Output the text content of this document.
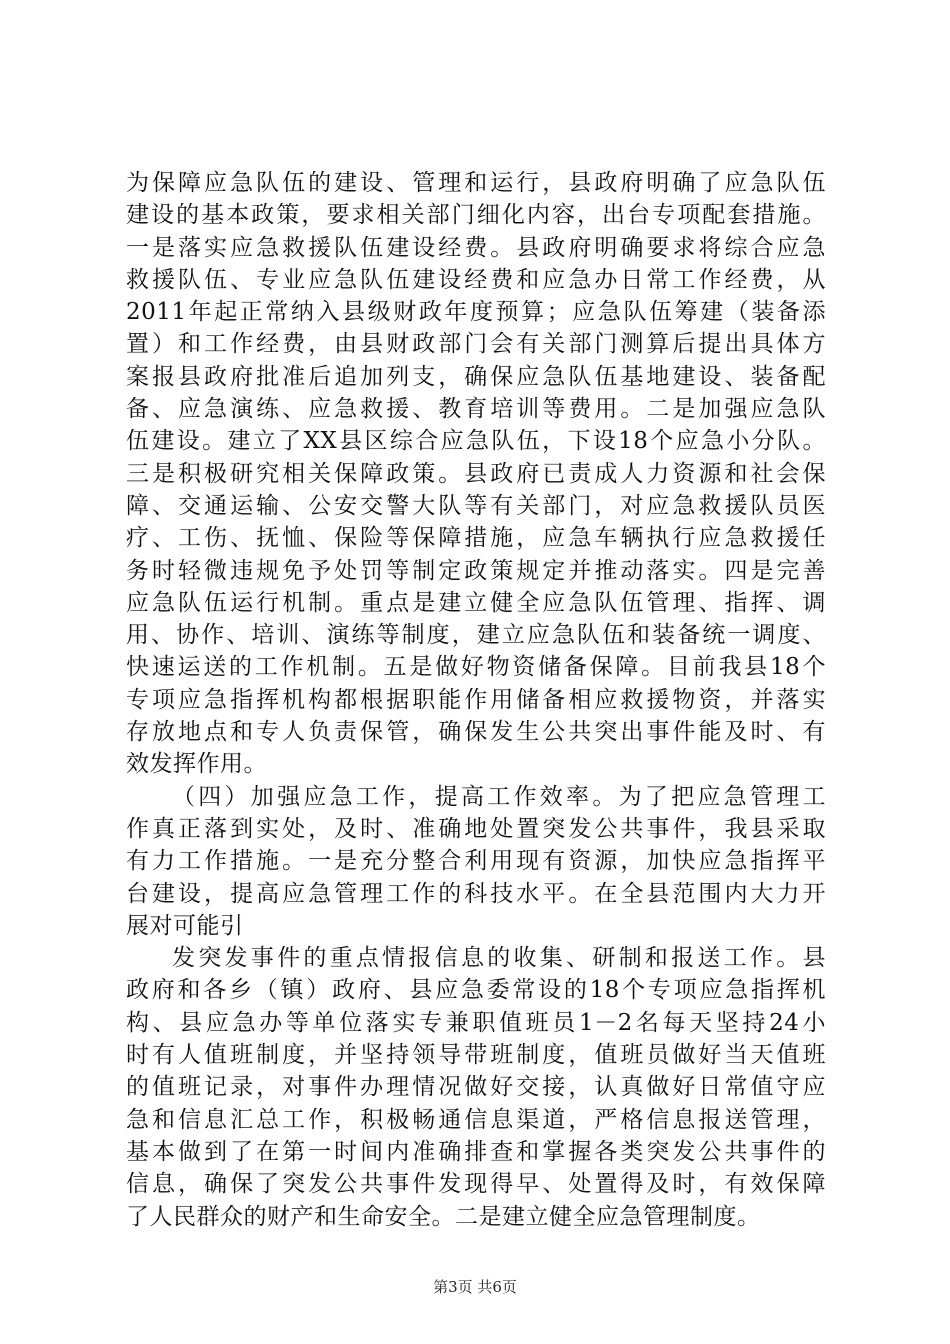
为保障应急队伍的建设、管理和运行，县政府明确了应急队伍
建设的基本政策，要求相关部门细化内容，出台专项配套措施。
一是落实应急救援队伍建设经费。县政府明确要求将综合应急
救援队伍、专业应急队伍建设经费和应急办日常工作经费，从
2011年起正常纳入县级财政年度预算；应急队伍筹建（装备添
置）和工作经费，由县财政部门会有关部门测算后提出具体方
案报县政府批准后追加列支，确保应急队伍基地建设、装备配
备、应急演练、应急救援、教育培训等费用。二是加强应急队
伍建设。建立了XX县区综合应急队伍，下设18个应急小分队。
三是积极研究相关保障政策。县政府已责成人力资源和社会保
障、交通运输、公安交警大队等有关部门，对应急救援队员医
疗、工伤、抚恤、保险等保障措施，应急车辆执行应急救援任
务时轻微违规免予处罚等制定政策规定并推动落实。四是完善
应急队伍运行机制。重点是建立健全应急队伍管理、指挥、调
用、协作、培训、演练等制度，建立应急队伍和装备统一调度、
快速运送的工作机制。五是做好物资储备保障。目前我县18个
专项应急指挥机构都根据职能作用储备相应救援物资，并落实
存放地点和专人负责保管，确保发生公共突出事件能及时、有
效发挥作用。
（四）加强应急工作，提高工作效率。为了把应急管理工
作真正落到实处，及时、准确地处置突发公共事件，我县采取
有力工作措施。一是充分整合利用现有资源，加快应急指挥平
台建设，提高应急管理工作的科技水平。在全县范围内大力开
展对可能引
发突发事件的重点情报信息的收集、研制和报送工作。县
政府和各乡（镇）政府、县应急委常设的18个专项应急指挥机
构、县应急办等单位落实专兼职值班员1－2名每天坚持24小
时有人值班制度，并坚持领导带班制度，值班员做好当天值班
的值班记录，对事件办理情况做好交接，认真做好日常值守应
急和信息汇总工作，积极畅通信息渠道，严格信息报送管理，
基本做到了在第一时间内准确排查和掌握各类突发公共事件的
信息，确保了突发公共事件发现得早、处置得及时，有效保障
了人民群众的财产和生命安全。二是建立健全应急管理制度。
第3页 共6页
